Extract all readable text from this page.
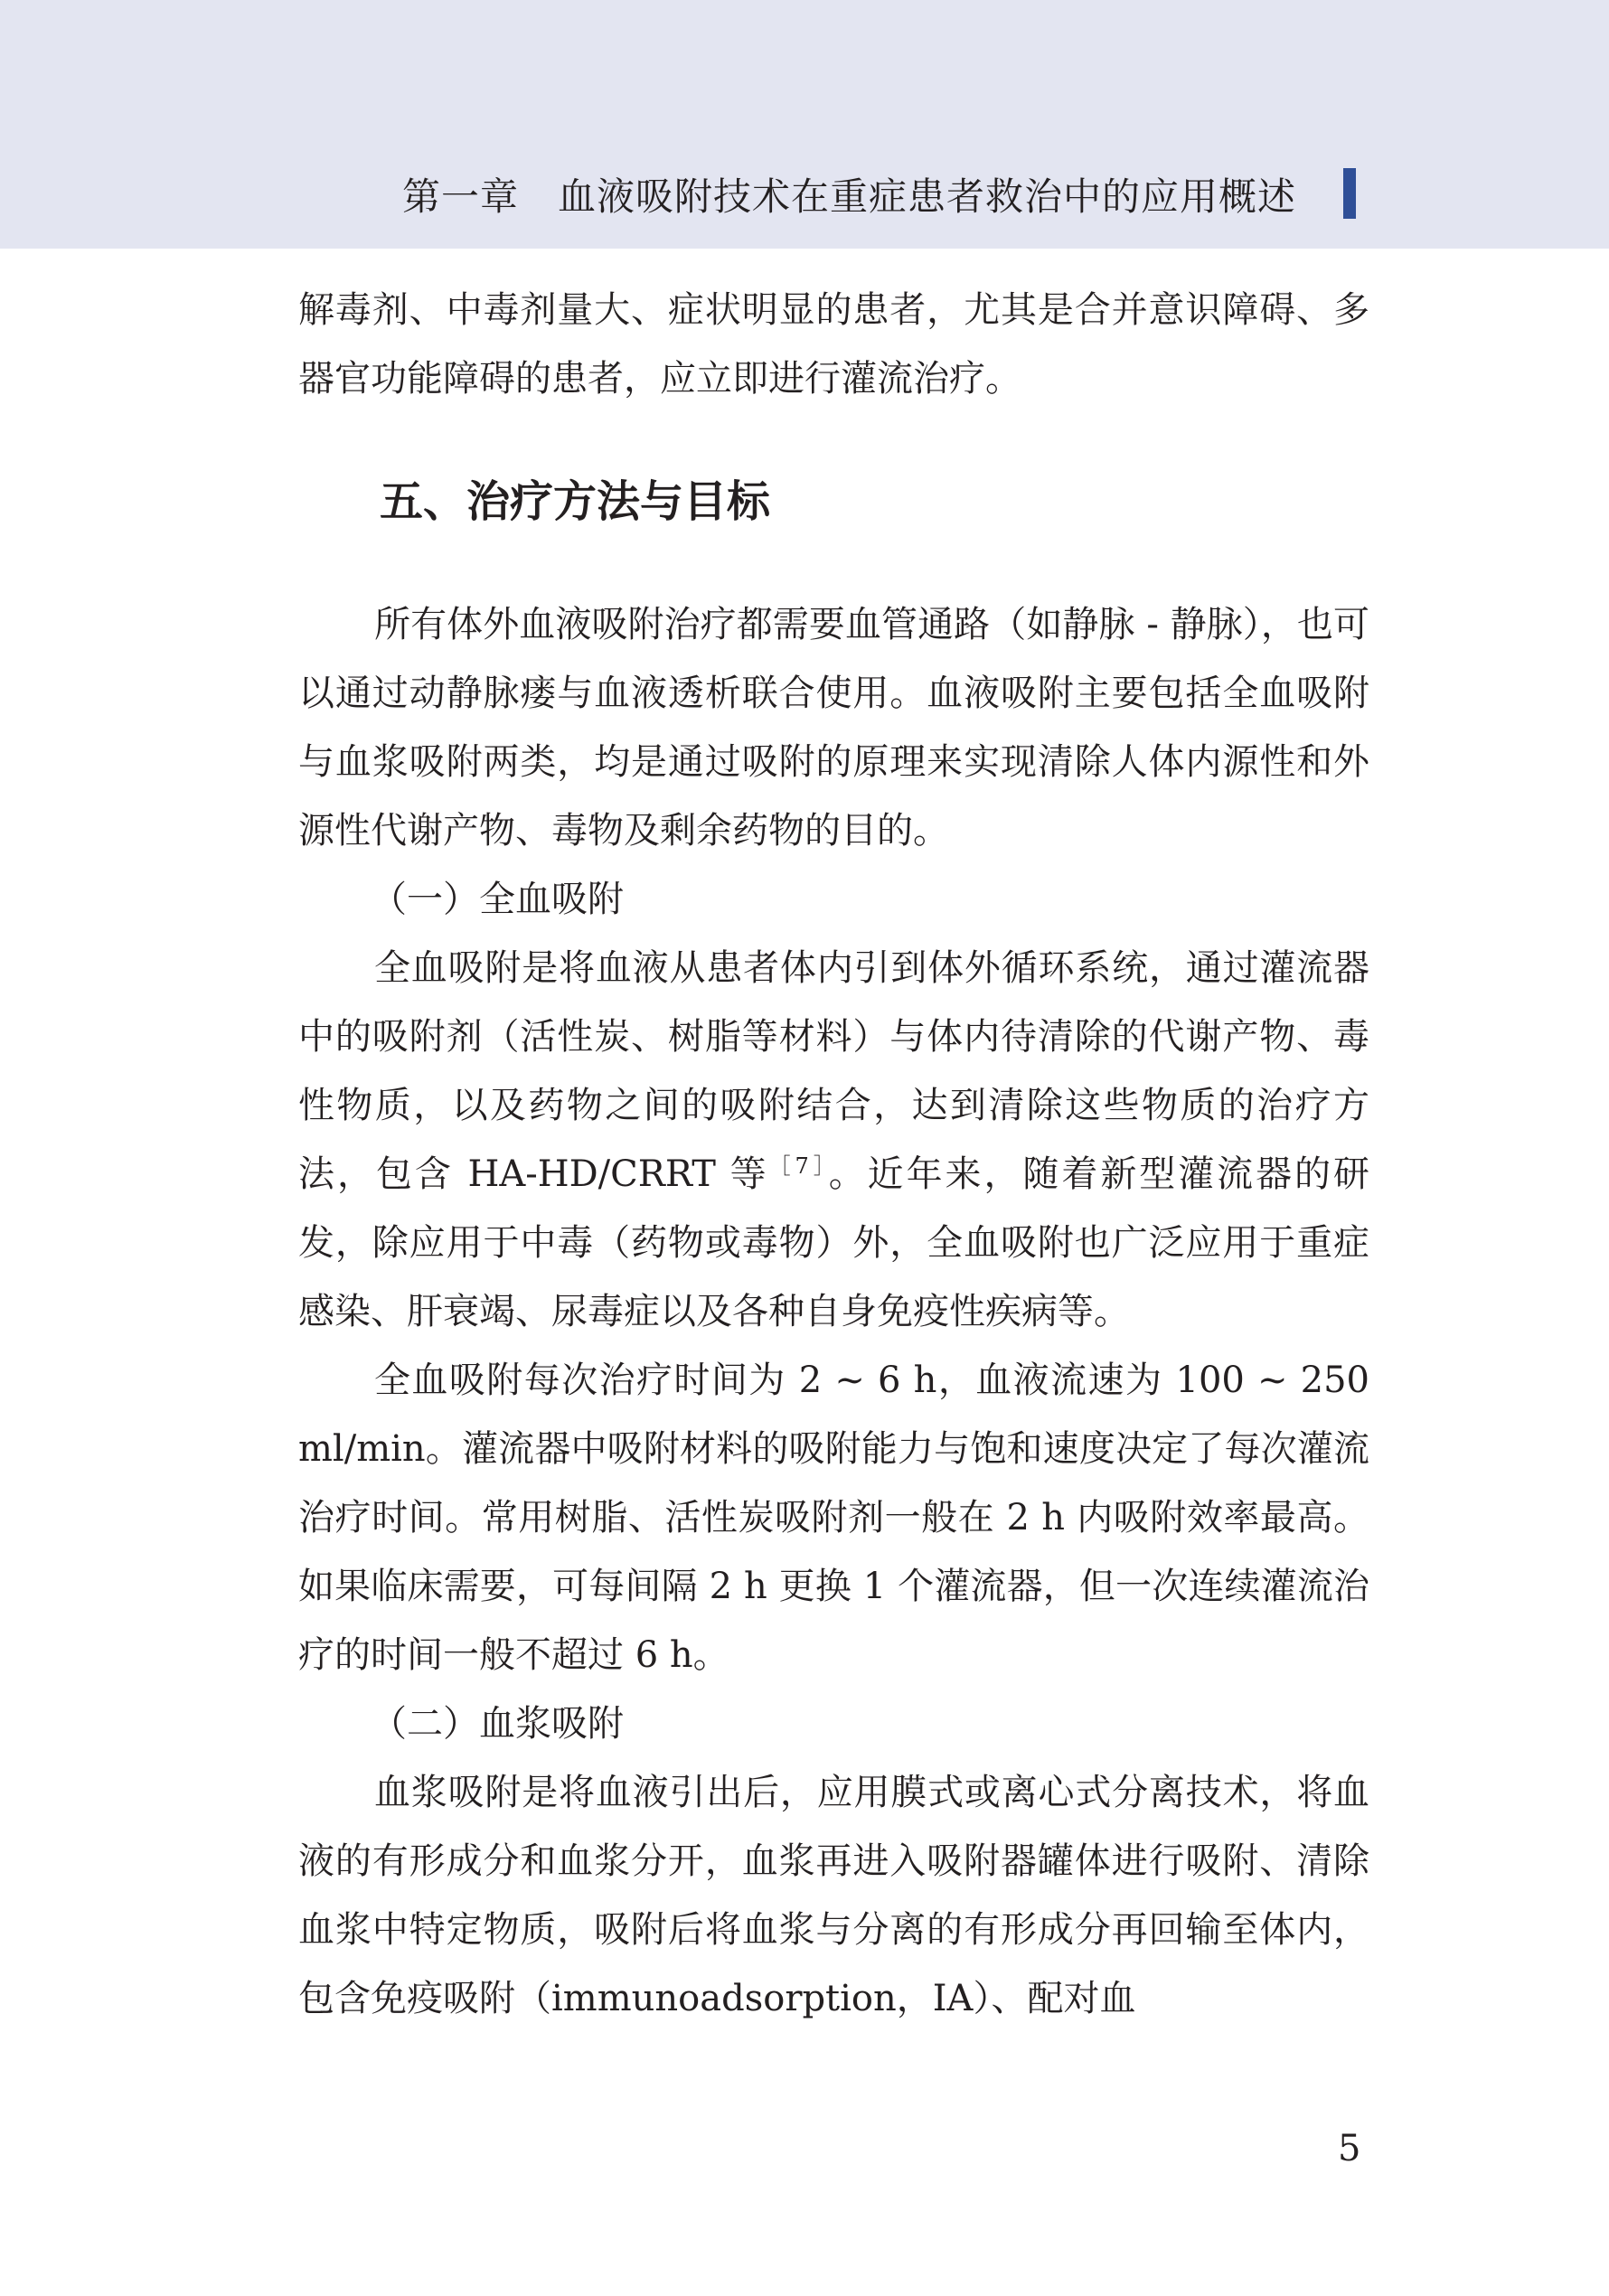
第一章　血液吸附技术在重症患者救治中的应用概述

解毒剂、中毒剂量大、症状明显的患者，尤其是合并意识障碍、多器官功能障碍的患者，应立即进行灌流治疗。

五、治疗方法与目标

所有体外血液吸附治疗都需要血管通路（如静脉 - 静脉），也可以通过动静脉瘘与血液透析联合使用。血液吸附主要包括全血吸附与血浆吸附两类，均是通过吸附的原理来实现清除人体内源性和外源性代谢产物、毒物及剩余药物的目的。

（一）全血吸附

全血吸附是将血液从患者体内引到体外循环系统，通过灌流器中的吸附剂（活性炭、树脂等材料）与体内待清除的代谢产物、毒性物质，以及药物之间的吸附结合，达到清除这些物质的治疗方法，包含 HA-HD/CRRT 等$^{[7]}$。近年来，随着新型灌流器的研发，除应用于中毒（药物或毒物）外，全血吸附也广泛应用于重症感染、肝衰竭、尿毒症以及各种自身免疫性疾病等。

全血吸附每次治疗时间为 2 ~ 6 h，血液流速为 100 ~ 250 ml/min。灌流器中吸附材料的吸附能力与饱和速度决定了每次灌流治疗时间。常用树脂、活性炭吸附剂一般在 2 h 内吸附效率最高。如果临床需要，可每间隔 2 h 更换 1 个灌流器，但一次连续灌流治疗的时间一般不超过 6 h。

（二）血浆吸附

血浆吸附是将血液引出后，应用膜式或离心式分离技术，将血液的有形成分和血浆分开，血浆再进入吸附器罐体进行吸附、清除血浆中特定物质，吸附后将血浆与分离的有形成分再回输至体内，包含免疫吸附（immunoadsorption，IA）、配对血

5
